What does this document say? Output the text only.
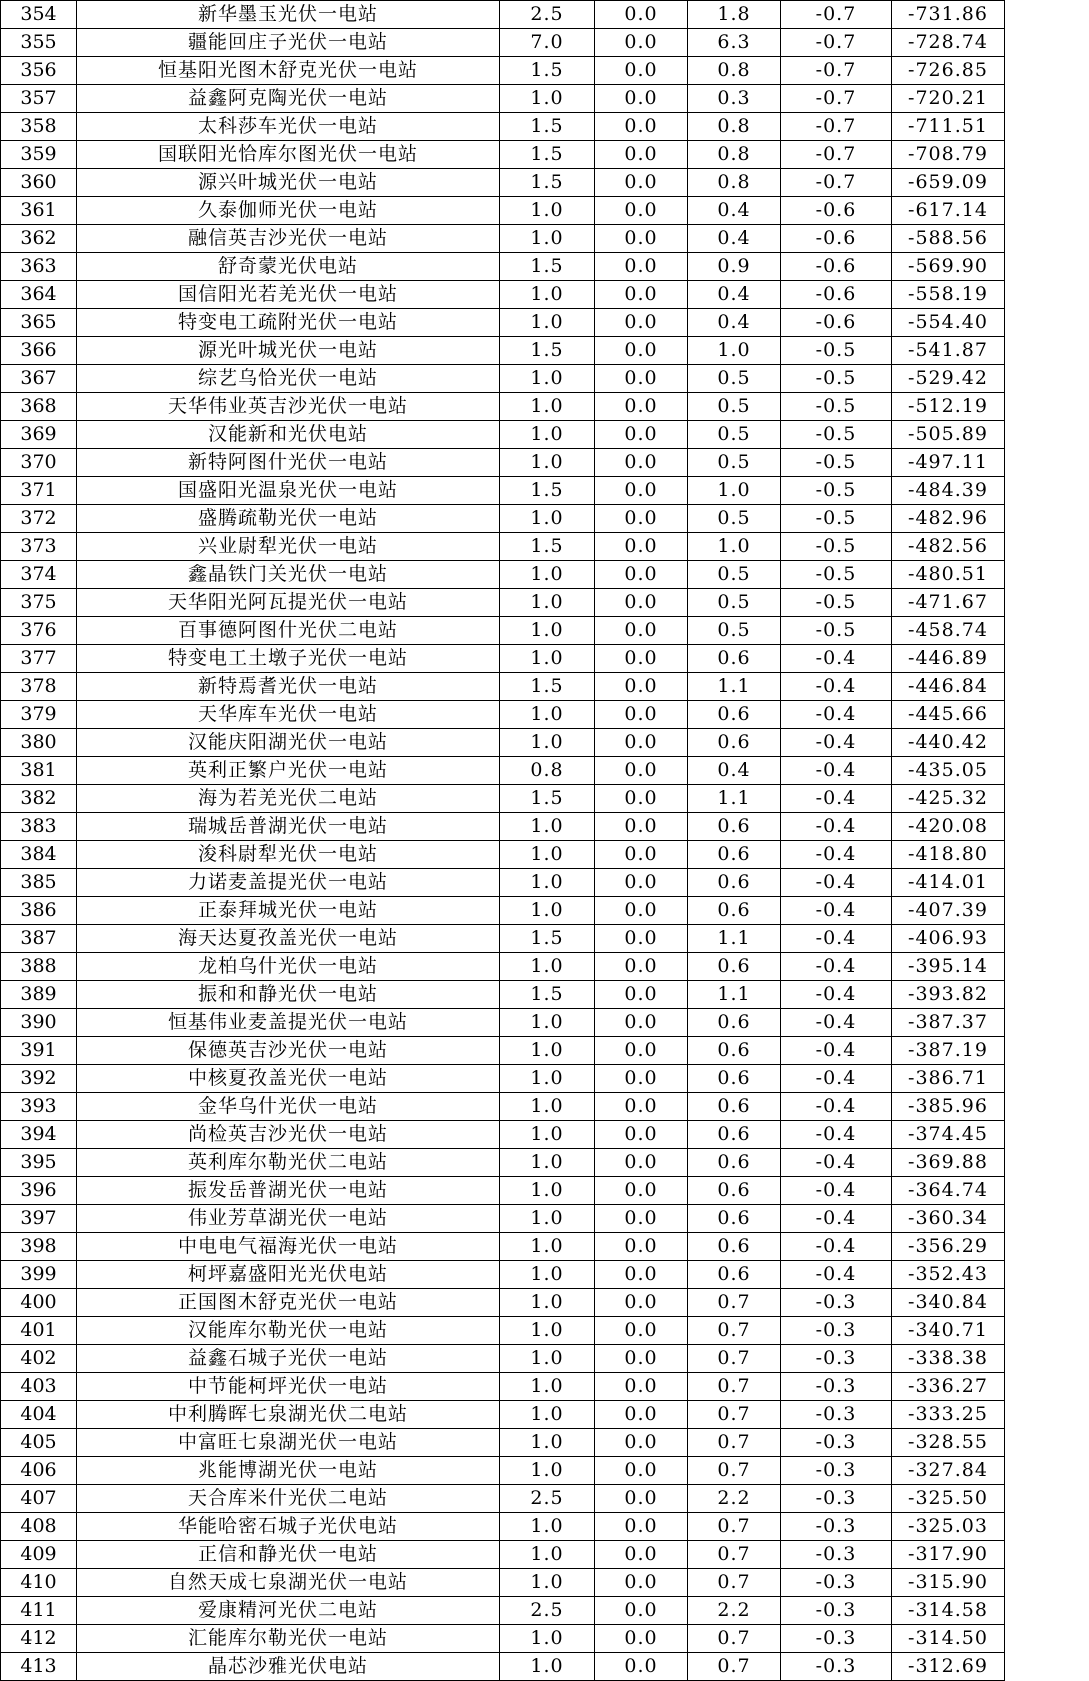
354	新华墨玉光伏一电站	2.5	0.0	1.8	-0.7	-731.86
355	疆能回庄子光伏一电站	7.0	0.0	6.3	-0.7	-728.74
356	恒基阳光图木舒克光伏一电站	1.5	0.0	0.8	-0.7	-726.85
357	益鑫阿克陶光伏一电站	1.0	0.0	0.3	-0.7	-720.21
358	太科莎车光伏一电站	1.5	0.0	0.8	-0.7	-711.51
359	国联阳光恰库尔图光伏一电站	1.5	0.0	0.8	-0.7	-708.79
360	源兴叶城光伏一电站	1.5	0.0	0.8	-0.7	-659.09
361	久泰伽师光伏一电站	1.0	0.0	0.4	-0.6	-617.14
362	融信英吉沙光伏一电站	1.0	0.0	0.4	-0.6	-588.56
363	舒奇蒙光伏电站	1.5	0.0	0.9	-0.6	-569.90
364	国信阳光若羌光伏一电站	1.0	0.0	0.4	-0.6	-558.19
365	特变电工疏附光伏一电站	1.0	0.0	0.4	-0.6	-554.40
366	源光叶城光伏一电站	1.5	0.0	1.0	-0.5	-541.87
367	综艺乌恰光伏一电站	1.0	0.0	0.5	-0.5	-529.42
368	天华伟业英吉沙光伏一电站	1.0	0.0	0.5	-0.5	-512.19
369	汉能新和光伏电站	1.0	0.0	0.5	-0.5	-505.89
370	新特阿图什光伏一电站	1.0	0.0	0.5	-0.5	-497.11
371	国盛阳光温泉光伏一电站	1.5	0.0	1.0	-0.5	-484.39
372	盛腾疏勒光伏一电站	1.0	0.0	0.5	-0.5	-482.96
373	兴业尉犁光伏一电站	1.5	0.0	1.0	-0.5	-482.56
374	鑫晶铁门关光伏一电站	1.0	0.0	0.5	-0.5	-480.51
375	天华阳光阿瓦提光伏一电站	1.0	0.0	0.5	-0.5	-471.67
376	百事德阿图什光伏二电站	1.0	0.0	0.5	-0.5	-458.74
377	特变电工土墩子光伏一电站	1.0	0.0	0.6	-0.4	-446.89
378	新特焉耆光伏一电站	1.5	0.0	1.1	-0.4	-446.84
379	天华库车光伏一电站	1.0	0.0	0.6	-0.4	-445.66
380	汉能庆阳湖光伏一电站	1.0	0.0	0.6	-0.4	-440.42
381	英利正繁户光伏一电站	0.8	0.0	0.4	-0.4	-435.05
382	海为若羌光伏二电站	1.5	0.0	1.1	-0.4	-425.32
383	瑞城岳普湖光伏一电站	1.0	0.0	0.6	-0.4	-420.08
384	浚科尉犁光伏一电站	1.0	0.0	0.6	-0.4	-418.80
385	力诺麦盖提光伏一电站	1.0	0.0	0.6	-0.4	-414.01
386	正泰拜城光伏一电站	1.0	0.0	0.6	-0.4	-407.39
387	海天达夏孜盖光伏一电站	1.5	0.0	1.1	-0.4	-406.93
388	龙柏乌什光伏一电站	1.0	0.0	0.6	-0.4	-395.14
389	振和和静光伏一电站	1.5	0.0	1.1	-0.4	-393.82
390	恒基伟业麦盖提光伏一电站	1.0	0.0	0.6	-0.4	-387.37
391	保德英吉沙光伏一电站	1.0	0.0	0.6	-0.4	-387.19
392	中核夏孜盖光伏一电站	1.0	0.0	0.6	-0.4	-386.71
393	金华乌什光伏一电站	1.0	0.0	0.6	-0.4	-385.96
394	尚检英吉沙光伏一电站	1.0	0.0	0.6	-0.4	-374.45
395	英利库尔勒光伏二电站	1.0	0.0	0.6	-0.4	-369.88
396	振发岳普湖光伏一电站	1.0	0.0	0.6	-0.4	-364.74
397	伟业芳草湖光伏一电站	1.0	0.0	0.6	-0.4	-360.34
398	中电电气福海光伏一电站	1.0	0.0	0.6	-0.4	-356.29
399	柯坪嘉盛阳光光伏电站	1.0	0.0	0.6	-0.4	-352.43
400	正国图木舒克光伏一电站	1.0	0.0	0.7	-0.3	-340.84
401	汉能库尔勒光伏一电站	1.0	0.0	0.7	-0.3	-340.71
402	益鑫石城子光伏一电站	1.0	0.0	0.7	-0.3	-338.38
403	中节能柯坪光伏一电站	1.0	0.0	0.7	-0.3	-336.27
404	中利腾晖七泉湖光伏二电站	1.0	0.0	0.7	-0.3	-333.25
405	中富旺七泉湖光伏一电站	1.0	0.0	0.7	-0.3	-328.55
406	兆能博湖光伏一电站	1.0	0.0	0.7	-0.3	-327.84
407	天合库米什光伏二电站	2.5	0.0	2.2	-0.3	-325.50
408	华能哈密石城子光伏电站	1.0	0.0	0.7	-0.3	-325.03
409	正信和静光伏一电站	1.0	0.0	0.7	-0.3	-317.90
410	自然天成七泉湖光伏一电站	1.0	0.0	0.7	-0.3	-315.90
411	爱康精河光伏二电站	2.5	0.0	2.2	-0.3	-314.58
412	汇能库尔勒光伏一电站	1.0	0.0	0.7	-0.3	-314.50
413	晶芯沙雅光伏电站	1.0	0.0	0.7	-0.3	-312.69
